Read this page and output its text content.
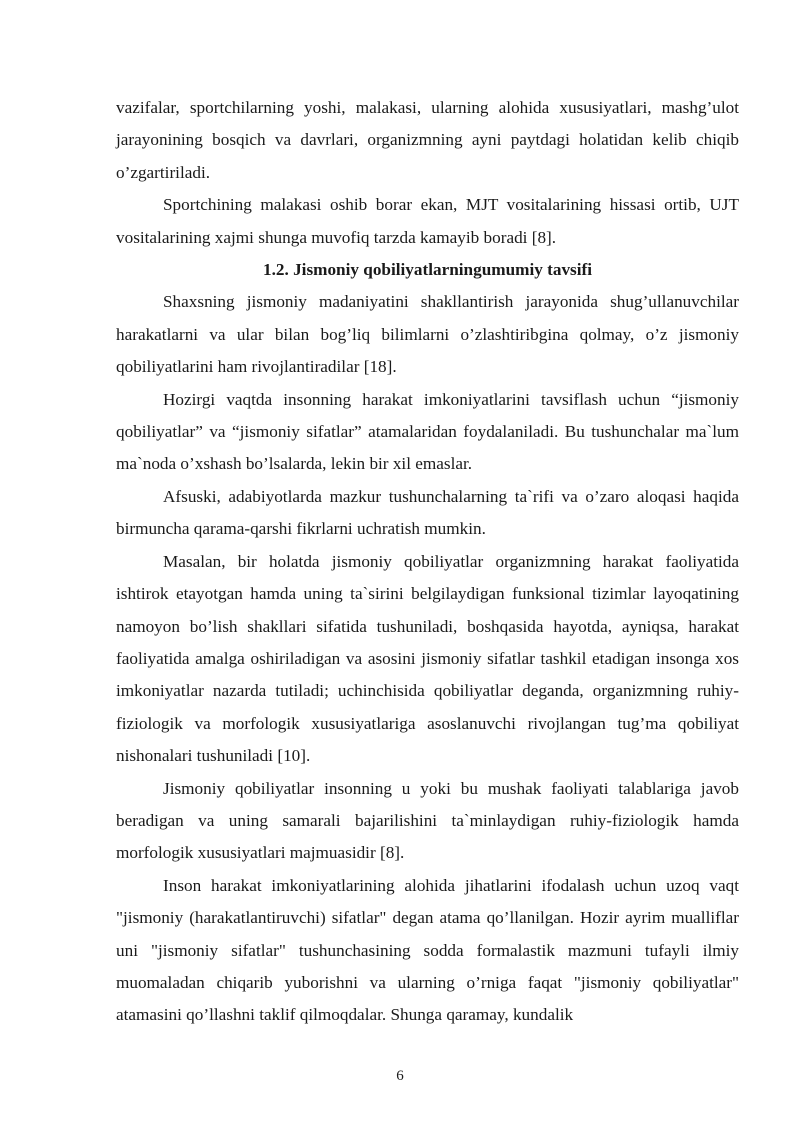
vazifalar, sportchilarning yoshi, malakasi, ularning alohida xususiyatlari, mashg’ulot jarayonining bosqich va davrlari, organizmning ayni paytdagi holatidan kelib chiqib o’zgartiriladi.

Sportchining malakasi oshib borar ekan, MJT vositalarining hissasi ortib, UJT vositalarining xajmi shunga muvofiq tarzda kamayib boradi [8].

1.2. Jismoniy qobiliyatlarningumumiy tavsifi

Shaxsning jismoniy madaniyatini shakllantirish jarayonida shug’ullanuvchilar harakatlarni va ular bilan bog’liq bilimlarni o’zlashtiribgina qolmay, o’z jismoniy qobiliyatlarini ham rivojlantiradilar [18].

Hozirgi vaqtda insonning harakat imkoniyatlarini tavsiflash uchun “jismoniy qobiliyatlar” va “jismoniy sifatlar” atamalaridan foydalaniladi. Bu tushunchalar ma`lum ma`noda o’xshash bo’lsalarda, lekin bir xil emaslar.

Afsuski, adabiyotlarda mazkur tushunchalarning ta`rifi va o’zaro aloqasi haqida birmuncha qarama-qarshi fikrlarni uchratish mumkin.

Masalan, bir holatda jismoniy qobiliyatlar organizmning harakat faoliyatida ishtirok etayotgan hamda uning ta`sirini belgilaydigan funksional tizimlar layoqatining namoyon bo’lish shakllari sifatida tushuniladi, boshqasida hayotda, ayniqsa, harakat faoliyatida amalga oshiriladigan va asosini jismoniy sifatlar tashkil etadigan insonga xos imkoniyatlar nazarda tutiladi; uchinchisida qobiliyatlar deganda, organizmning ruhiy-fiziologik va morfologik xususiyatlariga asoslanuvchi rivojlangan tug’ma qobiliyat nishonalari tushuniladi [10].

Jismoniy qobiliyatlar insonning u yoki bu mushak faoliyati talablariga javob beradigan va uning samarali bajarilishini ta`minlaydigan ruhiy-fiziologik hamda morfologik xususiyatlari majmuasidir [8].

Inson harakat imkoniyatlarining alohida jihatlarini ifodalash uchun uzoq vaqt "jismoniy (harakatlantiruvchi) sifatlar" degan atama qo’llanilgan. Hozir ayrim mualliflar uni "jismoniy sifatlar" tushunchasining sodda formalastik mazmuni tufayli ilmiy muomaladan chiqarib yuborishni va ularning o’rniga faqat "jismoniy qobiliyatlar" atamasini qo’llashni taklif qilmoqdalar. Shunga qaramay, kundalik

6
